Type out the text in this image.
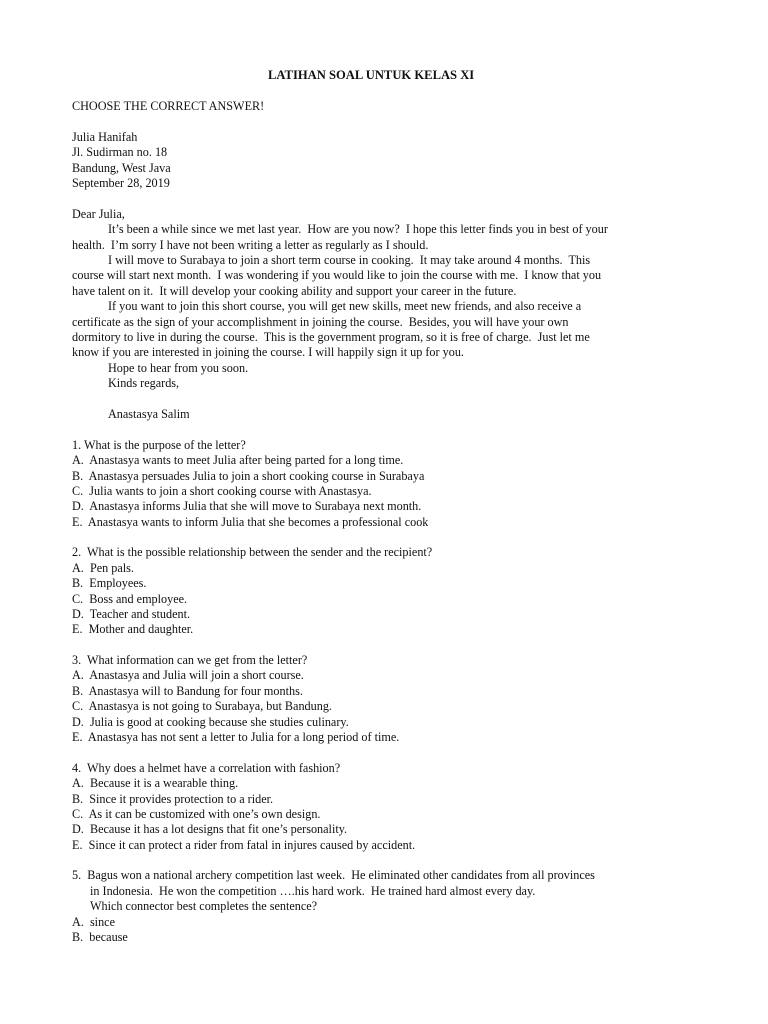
LATIHAN SOAL UNTUK KELAS XI
CHOOSE THE CORRECT ANSWER!
Julia Hanifah
Jl. Sudirman no. 18
Bandung, West Java
September 28, 2019
Dear Julia,
It’s been a while since we met last year.  How are you now?  I hope this letter finds you in best of your
health.  I’m sorry I have not been writing a letter as regularly as I should.
I will move to Surabaya to join a short term course in cooking.  It may take around 4 months.  This
course will start next month.  I was wondering if you would like to join the course with me.  I know that you
have talent on it.  It will develop your cooking ability and support your career in the future.
If you want to join this short course, you will get new skills, meet new friends, and also receive a
certificate as the sign of your accomplishment in joining the course.  Besides, you will have your own
dormitory to live in during the course.  This is the government program, so it is free of charge.  Just let me
know if you are interested in joining the course. I will happily sign it up for you.
Hope to hear from you soon.
Kinds regards,
Anastasya Salim
1. What is the purpose of the letter?
A.  Anastasya wants to meet Julia after being parted for a long time.
B.  Anastasya persuades Julia to join a short cooking course in Surabaya
C.  Julia wants to join a short cooking course with Anastasya.
D.  Anastasya informs Julia that she will move to Surabaya next month.
E.  Anastasya wants to inform Julia that she becomes a professional cook
2.  What is the possible relationship between the sender and the recipient?
A.  Pen pals.
B.  Employees.
C.  Boss and employee.
D.  Teacher and student.
E.  Mother and daughter.
3.  What information can we get from the letter?
A.  Anastasya and Julia will join a short course.
B.  Anastasya will to Bandung for four months.
C.  Anastasya is not going to Surabaya, but Bandung.
D.  Julia is good at cooking because she studies culinary.
E.  Anastasya has not sent a letter to Julia for a long period of time.
4.  Why does a helmet have a correlation with fashion?
A.  Because it is a wearable thing.
B.  Since it provides protection to a rider.
C.  As it can be customized with one’s own design.
D.  Because it has a lot designs that fit one’s personality.
E.  Since it can protect a rider from fatal in injures caused by accident.
5.  Bagus won a national archery competition last week.  He eliminated other candidates from all provinces
in Indonesia.  He won the competition ….his hard work.  He trained hard almost every day.
Which connector best completes the sentence?
A.  since
B.  because
